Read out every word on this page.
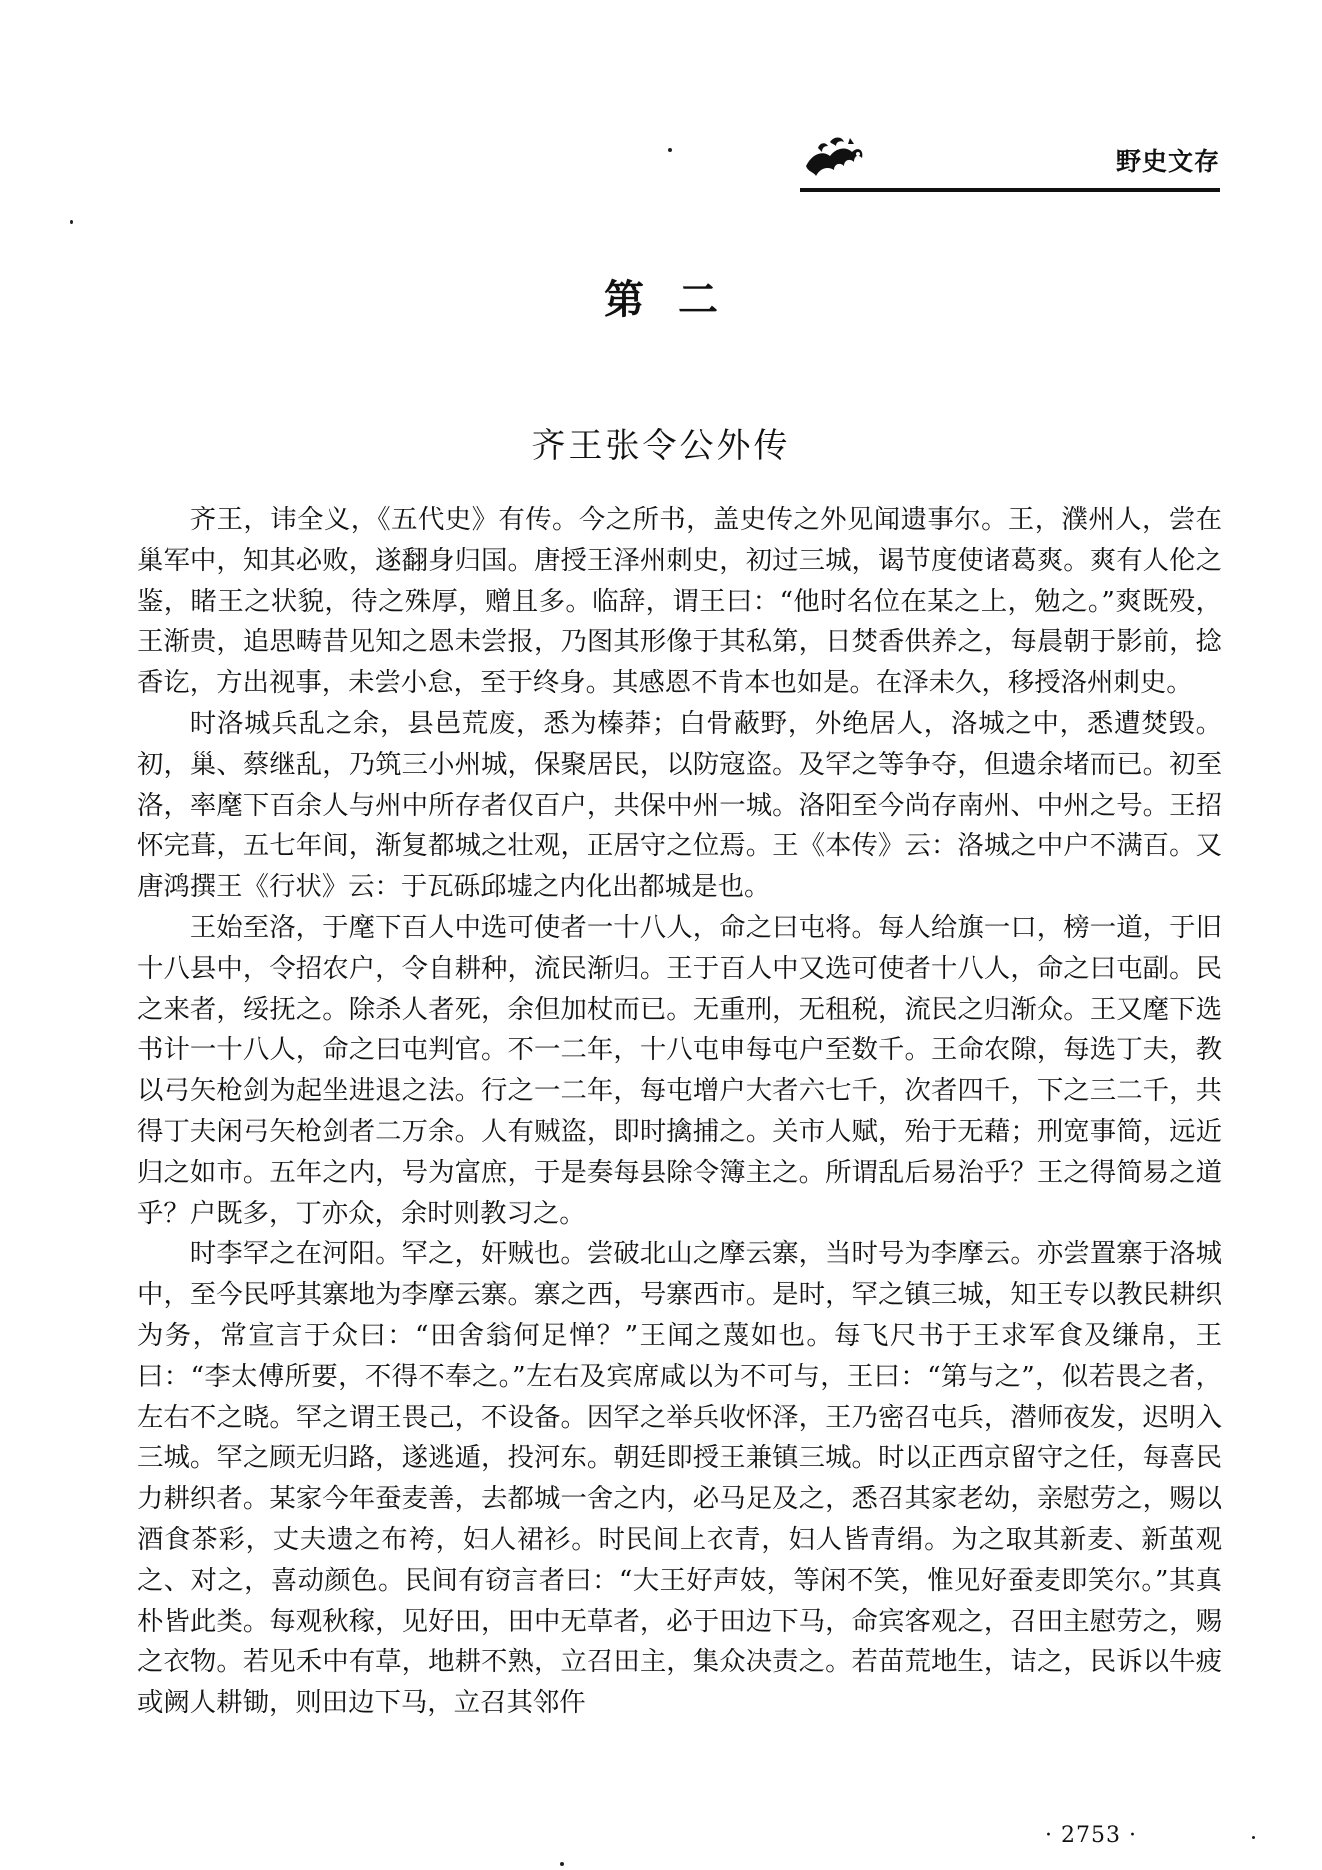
野史文存
第二
齐王张令公外传

齐王，讳全义，《五代史》有传。今之所书，盖史传之外见闻遗事尔。王，濮州人，尝在巢军中，知其必败，遂翻身归国。唐授王泽州刺史，初过三城，谒节度使诸葛爽。爽有人伦之鉴，睹王之状貌，待之殊厚，赠且多。临辞，谓王曰：“他时名位在某之上，勉之。”爽既殁，王渐贵，追思畴昔见知之恩未尝报，乃图其形像于其私第，日焚香供养之，每晨朝于影前，捻香讫，方出视事，未尝小怠，至于终身。其感恩不肯本也如是。在泽未久，移授洛州刺史。

时洛城兵乱之余，县邑荒废，悉为榛莽；白骨蔽野，外绝居人，洛城之中，悉遭焚毁。初，巢、蔡继乱，乃筑三小州城，保聚居民，以防寇盗。及罕之等争夺，但遗余堵而已。初至洛，率麾下百余人与州中所存者仅百户，共保中州一城。洛阳至今尚存南州、中州之号。王招怀完葺，五七年间，渐复都城之壮观，正居守之位焉。王《本传》云：洛城之中户不满百。又唐鸿撰王《行状》云：于瓦砾邱墟之内化出都城是也。

王始至洛，于麾下百人中选可使者一十八人，命之曰屯将。每人给旗一口，榜一道，于旧十八县中，令招农户，令自耕种，流民渐归。王于百人中又选可使者十八人，命之曰屯副。民之来者，绥抚之。除杀人者死，余但加杖而已。无重刑，无租税，流民之归渐众。王又麾下选书计一十八人，命之曰屯判官。不一二年，十八屯申每屯户至数千。王命农隙，每选丁夫，教以弓矢枪剑为起坐进退之法。行之一二年，每屯增户大者六七千，次者四千，下之三二千，共得丁夫闲弓矢枪剑者二万余。人有贼盗，即时擒捕之。关市人赋，殆于无藉；刑宽事简，远近归之如市。五年之内，号为富庶，于是奏每县除令簿主之。所谓乱后易治乎？王之得简易之道乎？户既多，丁亦众，余时则教习之。

时李罕之在河阳。罕之，奸贼也。尝破北山之摩云寨，当时号为李摩云。亦尝置寨于洛城中，至今民呼其寨地为李摩云寨。寨之西，号寨西市。是时，罕之镇三城，知王专以教民耕织为务，常宣言于众曰：“田舍翁何足惮？”王闻之蔑如也。每飞尺书于王求军食及缣帛，王曰：“李太傅所要，不得不奉之。”左右及宾席咸以为不可与，王曰：“第与之”，似若畏之者，左右不之晓。罕之谓王畏己，不设备。因罕之举兵收怀泽，王乃密召屯兵，潜师夜发，迟明入三城。罕之顾无归路，遂逃遁，投河东。朝廷即授王兼镇三城。时以正西京留守之任，每喜民力耕织者。某家今年蚕麦善，去都城一舍之内，必马足及之，悉召其家老幼，亲慰劳之，赐以酒食茶彩，丈夫遗之布袴，妇人裙衫。时民间上衣青，妇人皆青绢。为之取其新麦、新茧观之、对之，喜动颜色。民间有窃言者曰：“大王好声妓，等闲不笑，惟见好蚕麦即笑尔。”其真朴皆此类。每观秋稼，见好田，田中无草者，必于田边下马，命宾客观之，召田主慰劳之，赐之衣物。若见禾中有草，地耕不熟，立召田主，集众决责之。若苗荒地生，诘之，民诉以牛疲或阙人耕锄，则田边下马，立召其邻仵

· 2753 ·
